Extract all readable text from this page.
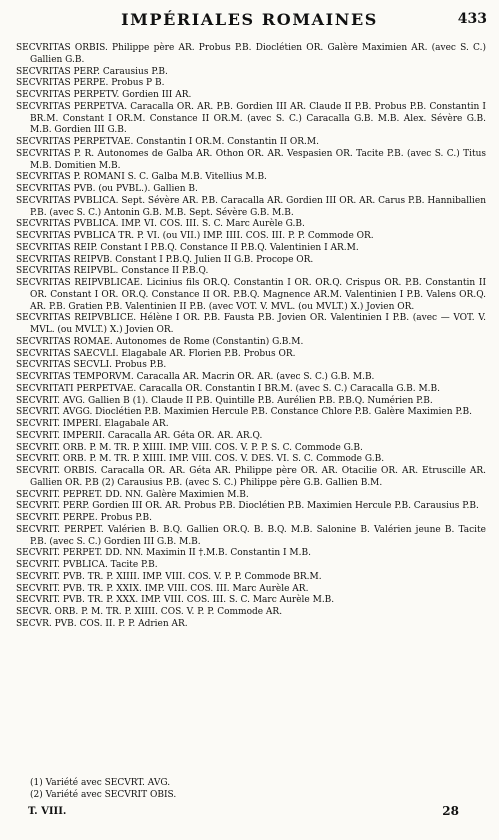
IMPÉRIALES ROMAINES	433
SECVRITAS ORBIS. Philippe père AR. Probus P.B. Dioclétien OR. Galère Maximien AR. (avec S. C.) Gallien G.B.
SECVRITAS PERP. Carausius P.B.
SECVRITAS PERPE. Probus P B.
SECVRITAS PERPETV. Gordien III AR.
SECVRITAS PERPETVA. Caracalla OR. AR. P.B. Gordien III AR. Claude II P.B. Probus P.B. Constantin I BR.M. Constant I OR.M. Constance II OR.M. (avec S. C.) Caracalla G.B. M.B. Alex. Sévère G.B. M.B. Gordien III G.B.
SECVRITAS PERPETVAE. Constantin I OR.M. Constantin II OR.M.
SECVRITAS P. R. Autonomes de Galba AR. Othon OR. AR. Vespasien OR. Tacite P.B. (avec S. C.) Titus M.B. Domitien M.B.
SECVRITAS P. ROMANI S. C. Galba M.B. Vitellius M.B.
SECVRITAS PVB. (ou PVBL.). Gallien B.
SECVRITAS PVBLICA. Sept. Sévère AR. P.B. Caracalla AR. Gordien III OR. AR. Carus P.B. Hanniballien P.B. (avec S. C.) Antonin G.B. M.B. Sept. Sévère G.B. M.B.
SECVRITAS PVBLICA. IMP. VI. COS. III. S. C. Marc Aurèle G.B.
SECVRITAS PVBLICA TR. P. VI. (ou VII.) IMP. IIII. COS. III. P. P. Commode OR.
SECVRITAS REIP. Constant I P.B.Q. Constance II P.B.Q. Valentinien I AR.M.
SECVRITAS REIPVB. Constant I P.B.Q. Julien II G.B. Procope OR.
SECVRITAS REIPVBL. Constance II P.B.Q.
SECVRITAS REIPVBLICAE. Licinius fils OR.Q. Constantin I OR. OR.Q. Crispus OR. P.B. Constantin II OR. Constant I OR. OR.Q. Constance II OR. P.B.Q. Magnence AR.M. Valentinien I P.B. Valens OR.Q. AR. P.B. Gratien P.B. Valentinien II P.B. (avec VOT. V. MVL. (ou MVLT.) X.) Jovien OR.
SECVRITAS REIPVBLICE. Hélène I OR. P.B. Fausta P.B. Jovien OR. Valentinien I P.B. (avec — VOT. V. MVL. (ou MVLT.) X.) Jovien OR.
SECVRITAS ROMAE. Autonomes de Rome (Constantin) G.B.M.
SECVRITAS SAECVLI. Elagabale AR. Florien P.B. Probus OR.
SECVRITAS SECVLI. Probus P.B.
SECVRITAS TEMPORVM. Caracalla AR. Macrin OR. AR. (avec S. C.) G.B. M.B.
SECVRITATI PERPETVAE. Caracalla OR. Constantin I BR.M. (avec S. C.) Caracalla G.B. M.B.
SECVRIT. AVG. Gallien B (1). Claude II P.B. Quintille P.B. Aurélien P.B. P.B.Q. Numérien P.B.
SECVRIT. AVGG. Dioclétien P.B. Maximien Hercule P.B. Constance Chlore P.B. Galère Maximien P.B.
SECVRIT. IMPERI. Elagabale AR.
SECVRIT. IMPERII. Caracalla AR. Géta OR. AR. AR.Q.
SECVRIT. ORB. P. M. TR. P. XIIII. IMP. VIII. COS. V. P. P. S. C. Commode G.B.
SECVRIT. ORB. P. M. TR. P. XIIII. IMP. VIII. COS. V. DES. VI. S. C. Commode G.B.
SECVRIT. ORBIS. Caracalla OR. AR. Géta AR. Philippe père OR. AR. Otacilie OR. AR. Etruscille AR. Gallien OR. P.B (2) Carausius P.B. (avec S. C.) Philippe père G.B. Gallien B.M.
SECVRIT. PEPRET. DD. NN. Galère Maximien M.B.
SECVRIT. PERP. Gordien III OR. AR. Probus P.B. Dioclétien P.B. Maximien Hercule P.B. Carausius P.B.
SECVRIT. PERPE. Probus P.B.
SECVRIT. PERPET. Valérien B. B.Q. Gallien OR.Q. B. B.Q. M.B. Salonine B. Valérien jeune B. Tacite P.B. (avec S. C.) Gordien III G.B. M.B.
SECVRIT. PERPET. DD. NN. Maximin II †.M.B. Constantin I M.B.
SECVRIT. PVBLICA. Tacite P.B.
SECVRIT. PVB. TR. P. XIIII. IMP. VIII. COS. V. P. P. Commode BR.M.
SECVRIT. PVB. TR. P. XXIX. IMP. VIII. COS. III. Marc Aurèle AR.
SECVRIT. PVB. TR. P. XXX. IMP. VIII. COS. III. S. C. Marc Aurèle M.B.
SECVR. ORB. P. M. TR. P. XIIII. COS. V. P. P. Commode AR.
SECVR. PVB. COS. II. P. P. Adrien AR.
(1) Variété avec SECVRT. AVG.
(2) Variété avec SECVRIT OBIS.
T. VIII.	28
